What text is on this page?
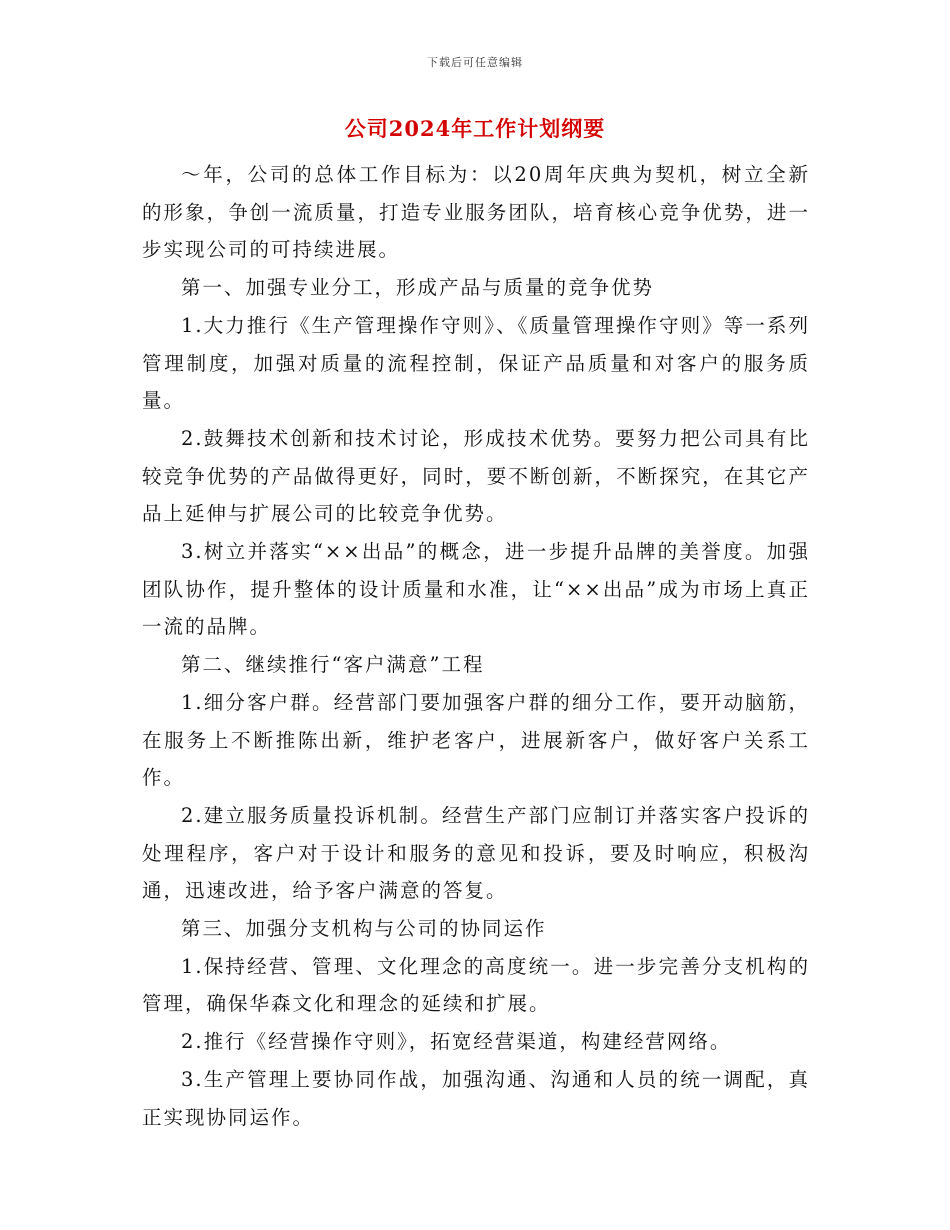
下载后可任意编辑
公司2024年工作计划纲要

～年，公司的总体工作目标为：以20周年庆典为契机，树立全新的形象，争创一流质量，打造专业服务团队，培育核心竞争优势，进一步实现公司的可持续进展。

第一、加强专业分工，形成产品与质量的竞争优势

1.大力推行《生产管理操作守则》、《质量管理操作守则》等一系列管理制度，加强对质量的流程控制，保证产品质量和对客户的服务质量。

2.鼓舞技术创新和技术讨论，形成技术优势。要努力把公司具有比较竞争优势的产品做得更好，同时，要不断创新，不断探究，在其它产品上延伸与扩展公司的比较竞争优势。

3.树立并落实“××出品”的概念，进一步提升品牌的美誉度。加强团队协作，提升整体的设计质量和水准，让“××出品”成为市场上真正一流的品牌。

第二、继续推行“客户满意”工程

1.细分客户群。经营部门要加强客户群的细分工作，要开动脑筋，在服务上不断推陈出新，维护老客户，进展新客户，做好客户关系工作。

2.建立服务质量投诉机制。经营生产部门应制订并落实客户投诉的处理程序，客户对于设计和服务的意见和投诉，要及时响应，积极沟通，迅速改进，给予客户满意的答复。

第三、加强分支机构与公司的协同运作

1.保持经营、管理、文化理念的高度统一。进一步完善分支机构的管理，确保华森文化和理念的延续和扩展。

2.推行《经营操作守则》，拓宽经营渠道，构建经营网络。

3.生产管理上要协同作战，加强沟通、沟通和人员的统一调配，真正实现协同运作。
